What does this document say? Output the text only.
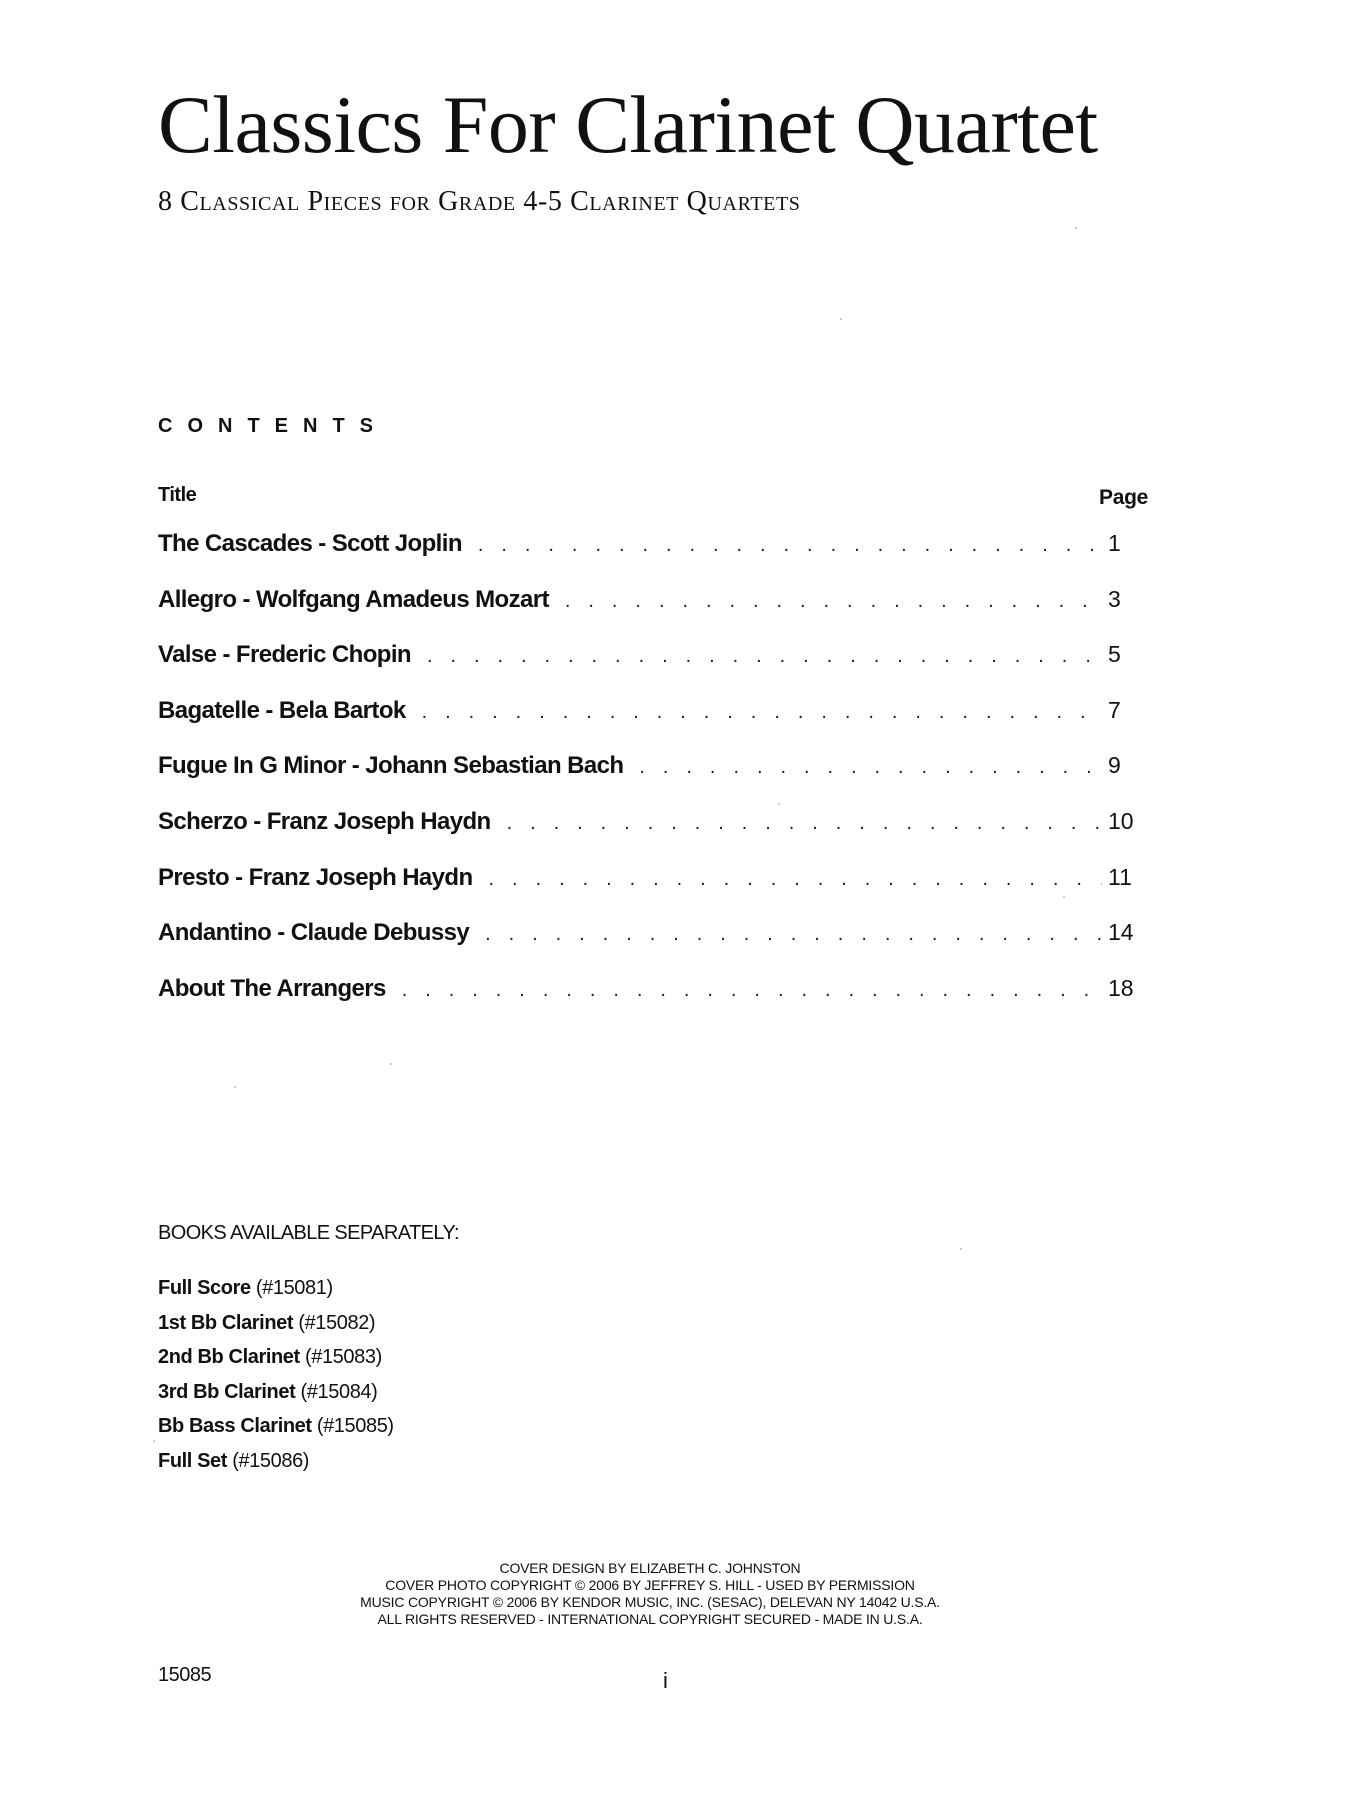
Classics For Clarinet Quartet
8 Classical Pieces for Grade 4-5 Clarinet Quartets
CONTENTS
Title	Page
The Cascades - Scott Joplin . . .	1
Allegro - Wolfgang Amadeus Mozart . . .	3
Valse - Frederic Chopin . . .	5
Bagatelle - Bela Bartok . . .	7
Fugue In G Minor - Johann Sebastian Bach . . .	9
Scherzo - Franz Joseph Haydn . . .	10
Presto - Franz Joseph Haydn . . .	11
Andantino - Claude Debussy . . .	14
About The Arrangers . . .	18
BOOKS AVAILABLE SEPARATELY:
Full Score (#15081)
1st Bb Clarinet (#15082)
2nd Bb Clarinet (#15083)
3rd Bb Clarinet (#15084)
Bb Bass Clarinet (#15085)
Full Set (#15086)
COVER DESIGN BY ELIZABETH C. JOHNSTON
COVER PHOTO COPYRIGHT © 2006 BY JEFFREY S. HILL - USED BY PERMISSION
MUSIC COPYRIGHT © 2006 BY KENDOR MUSIC, INC. (SESAC), DELEVAN NY 14042 U.S.A.
ALL RIGHTS RESERVED - INTERNATIONAL COPYRIGHT SECURED - MADE IN U.S.A.
15085	i
